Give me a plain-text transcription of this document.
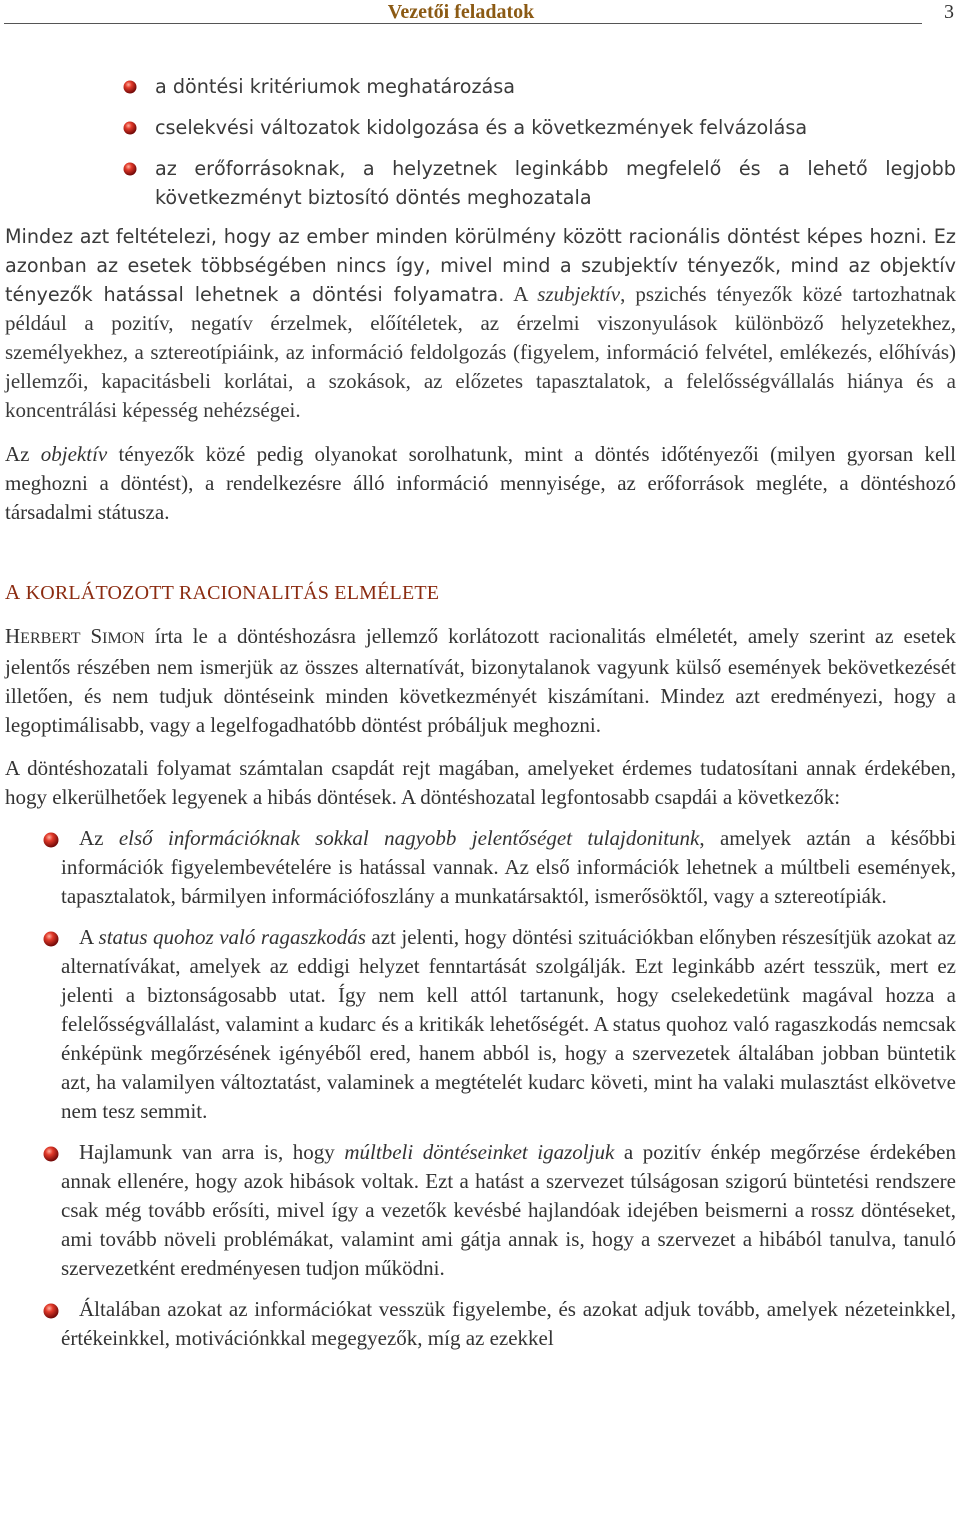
Vezetői feladatok	3
a döntési kritériumok meghatározása
cselekvési változatok kidolgozása és a következmények felvázolása
az erőforrásoknak, a helyzetnek leginkább megfelelő és a lehető legjobb következményt biztosító döntés meghozatala

Mindez azt feltételezi, hogy az ember minden körülmény között racionális döntést képes hozni. Ez azonban az esetek többségében nincs így, mivel mind a szubjektív tényezők, mind az objektív tényezők hatással lehetnek a döntési folyamatra. A szubjektív, pszichés tényezők közé tartozhatnak például a pozitív, negatív érzelmek, előítéletek, az érzelmi viszonyulások különböző helyzetekhez, személyekhez, a sztereotípiáink, az információ feldolgozás (figyelem, információ felvétel, emlékezés, előhívás) jellemzői, kapacitásbeli korlátai, a szokások, az előzetes tapasztalatok, a felelősségvállalás hiánya és a koncentrálási képesség nehézségei.

Az objektív tényezők közé pedig olyanokat sorolhatunk, mint a döntés időtényezői (milyen gyorsan kell meghozni a döntést), a rendelkezésre álló információ mennyisége, az erőforrások megléte, a döntéshozó társadalmi státusza.

A KORLÁTOZOTT RACIONALITÁS ELMÉLETE

HERBERT SIMON írta le a döntéshozásra jellemző korlátozott racionalitás elméletét, amely szerint az esetek jelentős részében nem ismerjük az összes alternatívát, bizonytalanok vagyunk külső események bekövetkezését illetően, és nem tudjuk döntéseink minden következményét kiszámítani. Mindez azt eredményezi, hogy a legoptimálisabb, vagy a legelfogadhatóbb döntést próbáljuk meghozni.

A döntéshozatali folyamat számtalan csapdát rejt magában, amelyeket érdemes tudatosítani annak érdekében, hogy elkerülhetőek legyenek a hibás döntések. A döntéshozatal legfontosabb csapdái a következők:

Az első információknak sokkal nagyobb jelentőséget tulajdonitunk, amelyek aztán a későbbi információk figyelembevételére is hatással vannak. Az első információk lehetnek a múltbeli események, tapasztalatok, bármilyen információfoszlány a munkatársaktól, ismerősöktől, vagy a sztereotípiák.
A status quohoz való ragaszkodás azt jelenti, hogy döntési szituációkban előnyben részesítjük azokat az alternatívákat, amelyek az eddigi helyzet fenntartását szolgálják. Ezt leginkább azért tesszük, mert ez jelenti a biztonságosabb utat. Így nem kell attól tartanunk, hogy cselekedetünk magával hozza a felelősségvállalást, valamint a kudarc és a kritikák lehetőségét. A status quohoz való ragaszkodás nemcsak énképünk megőrzésének igényéből ered, hanem abból is, hogy a szervezetek általában jobban büntetik azt, ha valamilyen változtatást, valaminek a megtételét kudarc követi, mint ha valaki mulasztást elkövetve nem tesz semmit.
Hajlamunk van arra is, hogy múltbeli döntéseinket igazoljuk a pozitív énkép megőrzése érdekében annak ellenére, hogy azok hibások voltak. Ezt a hatást a szervezet túlságosan szigorú büntetési rendszere csak még tovább erősíti, mivel így a vezetők kevésbé hajlandóak idejében beismerni a rossz döntéseket, ami tovább növeli problémákat, valamint ami gátja annak is, hogy a szervezet a hibából tanulva, tanuló szervezetként eredményesen tudjon működni.
Általában azokat az információkat vesszük figyelembe, és azokat adjuk tovább, amelyek nézeteinkkel, értékeinkkel, motivációnkkal megegyezők, míg az ezekkel
